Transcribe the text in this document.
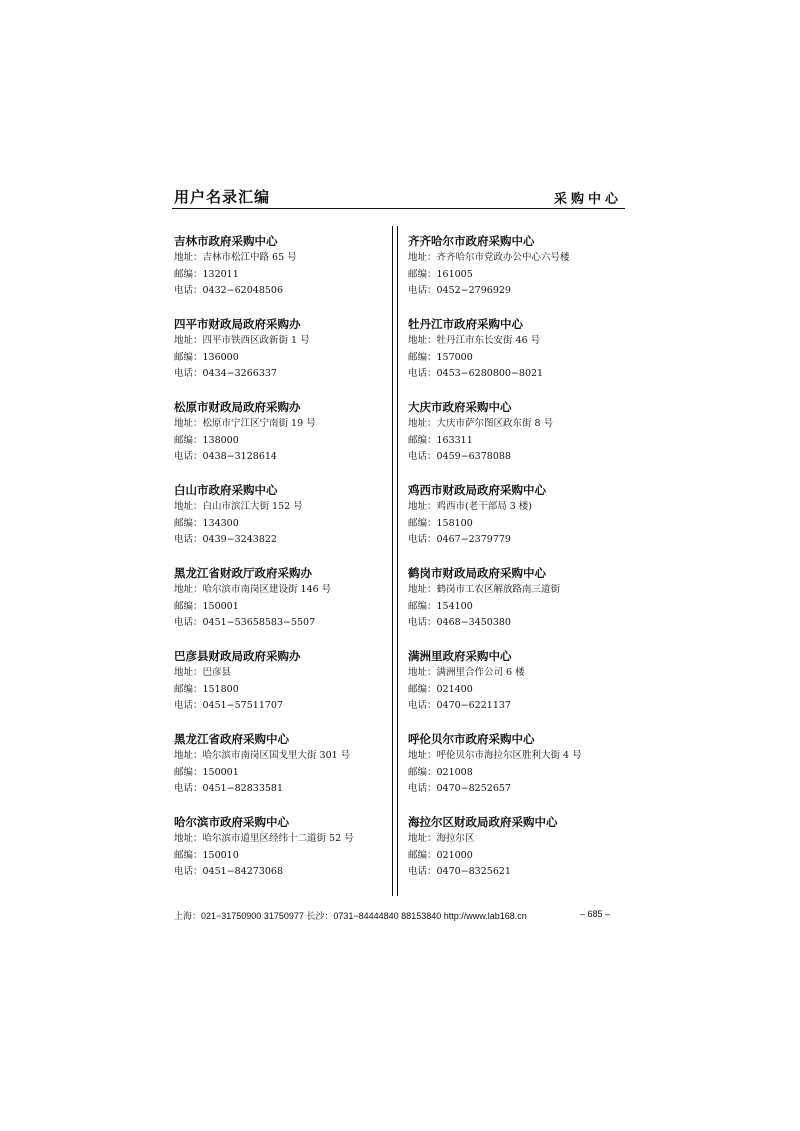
用户名录汇编	采购中心
吉林市政府采购中心
地址：吉林市松江中路 65 号
邮编：132011
电话：0432−62048506
四平市财政局政府采购办
地址：四平市铁西区政新街 1 号
邮编：136000
电话：0434−3266337
松原市财政局政府采购办
地址：松原市宁江区宁南街 19 号
邮编：138000
电话：0438−3128614
白山市政府采购中心
地址：白山市滨江大街 152 号
邮编：134300
电话：0439−3243822
黑龙江省财政厅政府采购办
地址：哈尔滨市南岗区建设街 146 号
邮编：150001
电话：0451−53658583−5507
巴彦县财政局政府采购办
地址：巴彦县
邮编：151800
电话：0451−57511707
黑龙江省政府采购中心
地址：哈尔滨市南岗区国戈里大街 301 号
邮编：150001
电话：0451−82833581
哈尔滨市政府采购中心
地址：哈尔滨市道里区经纬十二道街 52 号
邮编：150010
电话：0451−84273068
齐齐哈尔市政府采购中心
地址：齐齐哈尔市党政办公中心六号楼
邮编：161005
电话：0452−2796929
牡丹江市政府采购中心
地址：牡丹江市东长安街 46 号
邮编：157000
电话：0453−6280800−8021
大庆市政府采购中心
地址：大庆市萨尔图区政东街 8 号
邮编：163311
电话：0459−6378088
鸡西市财政局政府采购中心
地址：鸡西市(老干部局 3 楼)
邮编：158100
电话：0467−2379779
鹤岗市财政局政府采购中心
地址：鹤岗市工农区解放路南三道街
邮编：154100
电话：0468−3450380
满洲里政府采购中心
地址：满洲里合作公司 6 楼
邮编：021400
电话：0470−6221137
呼伦贝尔市政府采购中心
地址：呼伦贝尔市海拉尔区胜利大街 4 号
邮编：021008
电话：0470−8252657
海拉尔区财政局政府采购中心
地址：海拉尔区
邮编：021000
电话：0470−8325621
上海：021−31750900 31750977 长沙：0731−84444840 88153840 http://www.lab168.cn	– 685 –
